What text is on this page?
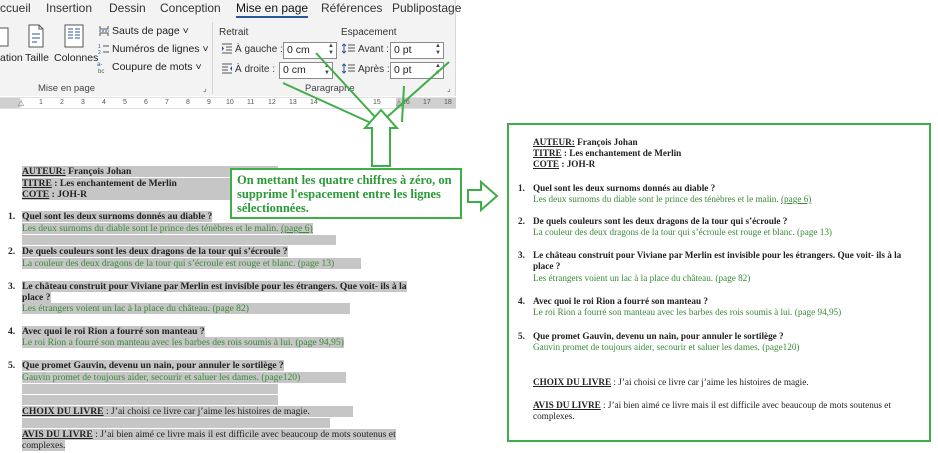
ccueil Insertion Dessin Conception Mise en page Références Publipostage
ation Taille Colonnes
Sauts de page ˅
1
2 Numéros de lignes ˅
a-
bc Coupure de mots ˅
Mise en page	⌟
Retrait	Espacement
À gauche : 0 cm	▲
▼
À droite : 0 cm	▲
▼
Avant : 0 pt	▲
▼
Après : 0 pt	▲
▼
Paragraphe	⌟
1 2 3 4 5 6 7 8 9 10 11 12 13 14	15	16 17 18
⏃	⏃
AUTEUR: François Johan
TITRE : Les enchantement de Merlin
COTE : JOH-R
1. Quel sont les deux surnoms donnés au diable ?
Les deux surnoms du diable sont le prince des ténèbres et le malin. (page 6)
2. De quels couleurs sont les deux dragons de la tour qui s’écroule ?
La couleur des deux dragons de la tour qui s’écroule est rouge et blanc. (page 13)
3. Le château construit pour Viviane par Merlin est invisible pour les étrangers. Que voit- ils à la
place ?
Les étrangers voient un lac à la place du château. (page 82)
4. Avec quoi le roi Rion a fourré son manteau ?
Le roi Rion a fourré son manteau avec les barbes des rois soumis à lui. (page 94,95)
5. Que promet Gauvin, devenu un nain, pour annuler le sortilège ?
Gauvin promet de toujours aider, secourir et saluer les dames. (page120)
CHOIX DU LIVRE : J’ai choisi ce livre car j’aime les histoires de magie.
AVIS DU LIVRE : J’ai bien aimé ce livre mais il est difficile avec beaucoup de mots soutenus et
complexes.
On mettant les quatre chiffres à zéro, on supprime l'espacement entre les lignes sélectionnées.
AUTEUR: François Johan
TITRE : Les enchantement de Merlin
COTE : JOH-R
1. Quel sont les deux surnoms donnés au diable ?
Les deux surnoms du diable sont le prince des ténèbres et le malin. (page 6)
2. De quels couleurs sont les deux dragons de la tour qui s’écroule ?
La couleur des deux dragons de la tour qui s’écroule est rouge et blanc. (page 13)
3. Le château construit pour Viviane par Merlin est invisible pour les étrangers. Que voit- ils à la
place ?
Les étrangers voient un lac à la place du château. (page 82)
4. Avec quoi le roi Rion a fourré son manteau ?
Le roi Rion a fourré son manteau avec les barbes des rois soumis à lui. (page 94,95)
5. Que promet Gauvin, devenu un nain, pour annuler le sortilège ?
Gauvin promet de toujours aider, secourir et saluer les dames. (page120)
CHOIX DU LIVRE : J’ai choisi ce livre car j’aime les histoires de magie.
AVIS DU LIVRE : J’ai bien aimé ce livre mais il est difficile avec beaucoup de mots soutenus et
complexes.
